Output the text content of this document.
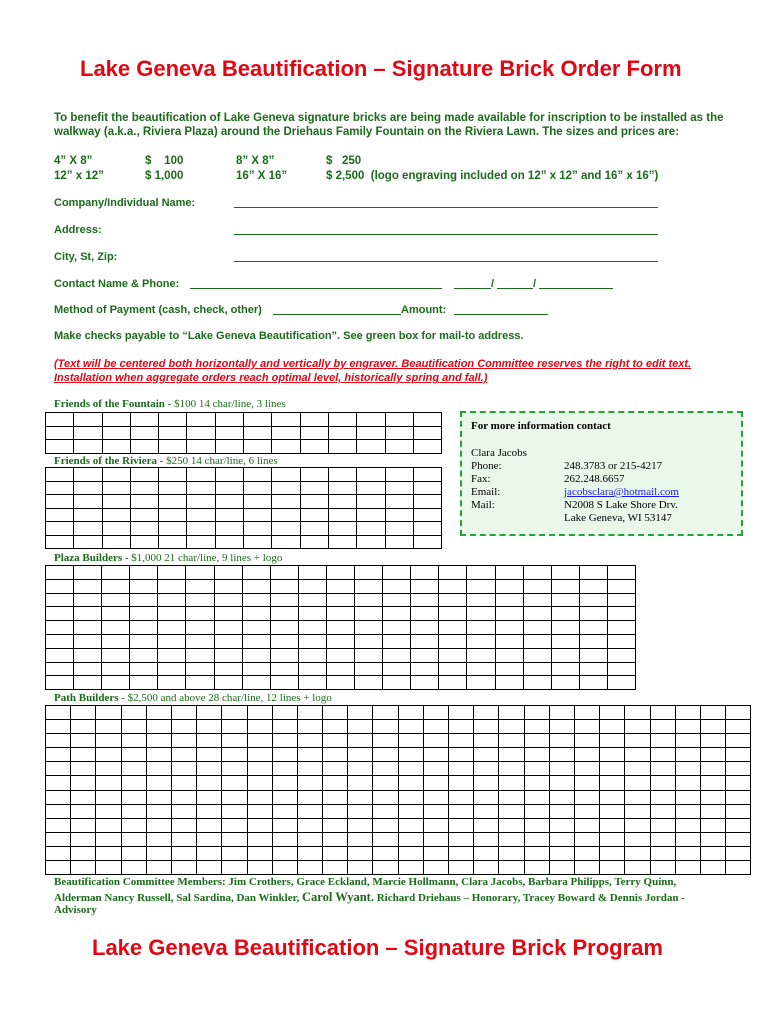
Lake Geneva Beautification – Signature Brick Order Form
To benefit the beautification of Lake Geneva signature bricks are being made available for inscription to be installed as the
walkway (a.k.a., Riviera Plaza) around the Driehaus Family Fountain on the Riviera Lawn. The sizes and prices are:
4” X 8”	$    100	8” X 8”	$   250
12” x 12”	$ 1,000	16” X 16”	$ 2,500  (logo engraving included on 12” x 12” and 16” x 16”)
Company/Individual Name:
Address:
City, St, Zip:
Contact Name & Phone:	/	/
Method of Payment (cash, check, other)	Amount:
Make checks payable to “Lake Geneva Beautification”. See green box for mail-to address.
(Text will be centered both horizontally and vertically by engraver. Beautification Committee reserves the right to edit text.
Installation when aggregate orders reach optimal level, historically spring and fall.)
Friends of the Fountain - $100 14 char/line, 3 lines
Friends of the Riviera - $250 14 char/line, 6 lines
For more information contact
Clara Jacobs
Phone:	248.3783 or 215-4217
Fax:	262.248.6657
Email:	jacobsclara@hotmail.com
Mail:	N2008 S Lake Shore Drv.
Lake Geneva, WI 53147
Plaza Builders - $1,000 21 char/line, 9 lines + logo
Path Builders - $2,500 and above 28 char/line, 12 lines + logo
Beautification Committee Members: Jim Crothers, Grace Eckland, Marcie Hollmann, Clara Jacobs, Barbara Philipps, Terry Quinn,
Alderman Nancy Russell, Sal Sardina, Dan Winkler, Carol Wyant. Richard Driehaus – Honorary, Tracey Boward & Dennis Jordan -
Advisory
Lake Geneva Beautification – Signature Brick Program
